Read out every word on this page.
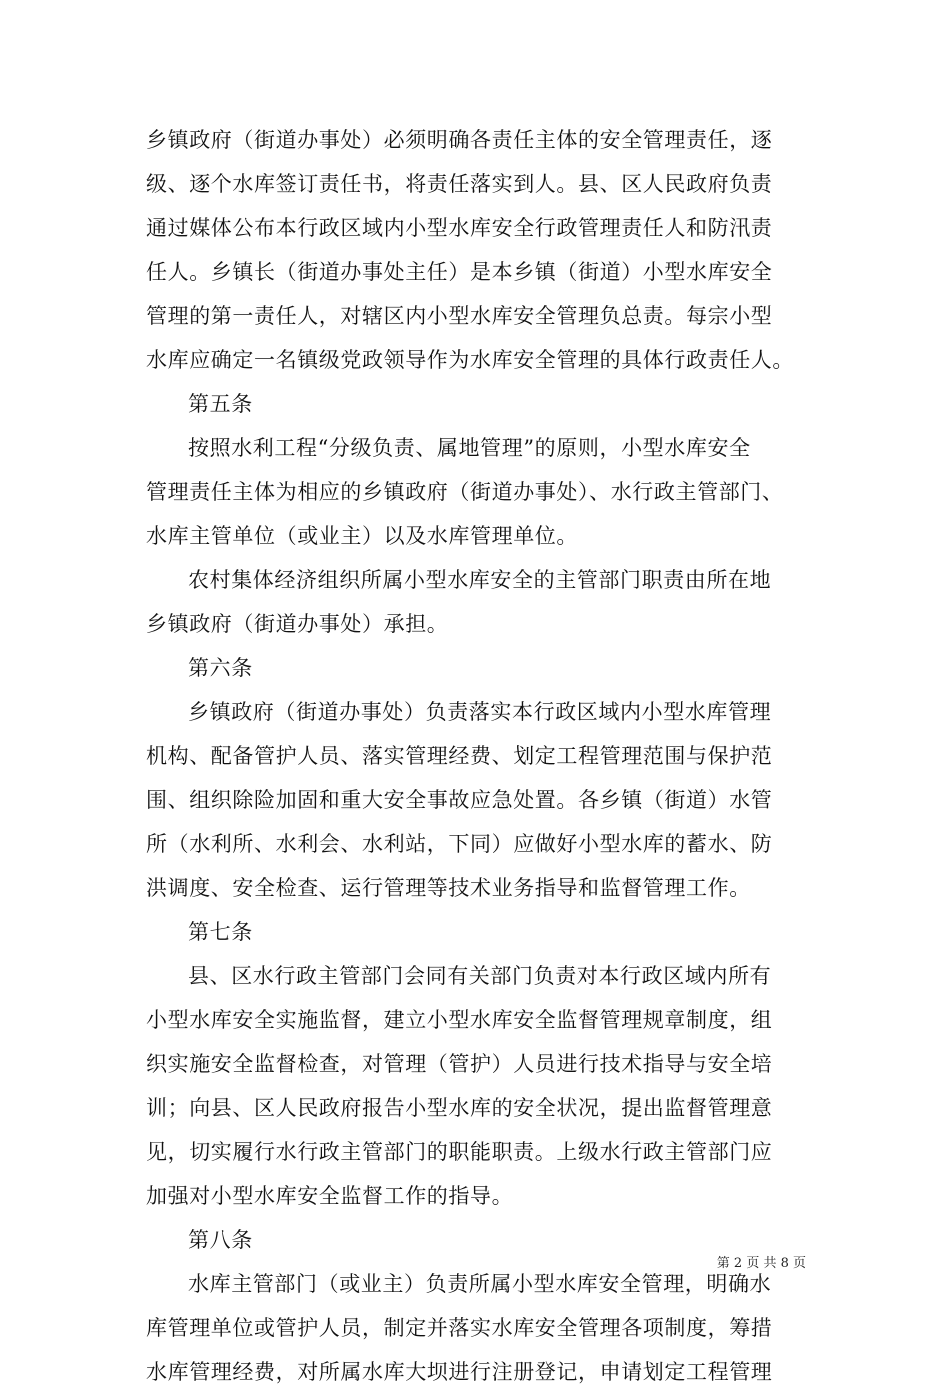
乡镇政府（街道办事处）必须明确各责任主体的安全管理责任，逐
级、逐个水库签订责任书，将责任落实到人。县、区人民政府负责
通过媒体公布本行政区域内小型水库安全行政管理责任人和防汛责
任人。乡镇长（街道办事处主任）是本乡镇（街道）小型水库安全
管理的第一责任人，对辖区内小型水库安全管理负总责。每宗小型
水库应确定一名镇级党政领导作为水库安全管理的具体行政责任人。
第五条
按照水利工程“分级负责、属地管理”的原则，小型水库安全
管理责任主体为相应的乡镇政府（街道办事处）、水行政主管部门、
水库主管单位（或业主）以及水库管理单位。
农村集体经济组织所属小型水库安全的主管部门职责由所在地
乡镇政府（街道办事处）承担。
第六条
乡镇政府（街道办事处）负责落实本行政区域内小型水库管理
机构、配备管护人员、落实管理经费、划定工程管理范围与保护范
围、组织除险加固和重大安全事故应急处置。各乡镇（街道）水管
所（水利所、水利会、水利站，下同）应做好小型水库的蓄水、防
洪调度、安全检查、运行管理等技术业务指导和监督管理工作。
第七条
县、区水行政主管部门会同有关部门负责对本行政区域内所有
小型水库安全实施监督，建立小型水库安全监督管理规章制度，组
织实施安全监督检查，对管理（管护）人员进行技术指导与安全培
训；向县、区人民政府报告小型水库的安全状况，提出监督管理意
见，切实履行水行政主管部门的职能职责。上级水行政主管部门应
加强对小型水库安全监督工作的指导。
第八条
水库主管部门（或业主）负责所属小型水库安全管理，明确水
库管理单位或管护人员，制定并落实水库安全管理各项制度，筹措
水库管理经费，对所属水库大坝进行注册登记，申请划定工程管理
第 2 页 共 8 页
